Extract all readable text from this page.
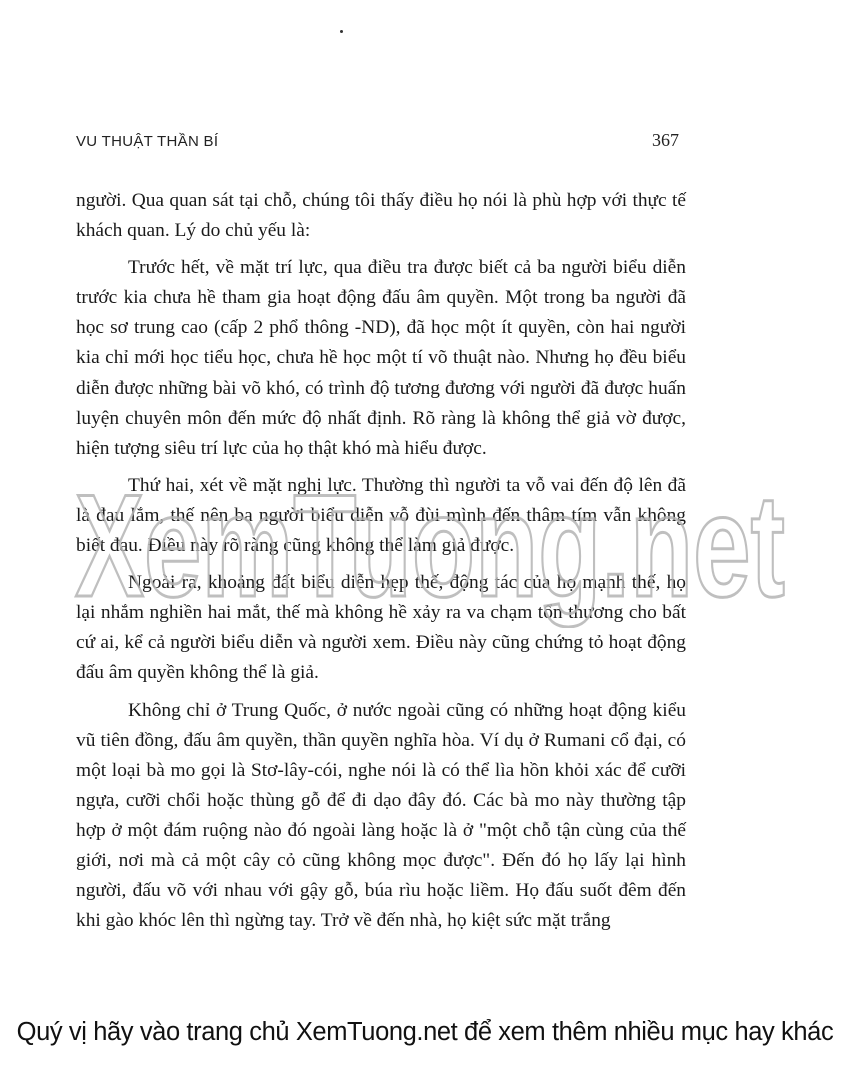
VU THUẬT THẦN BÍ	367

người. Qua quan sát tại chỗ, chúng tôi thấy điều họ nói là phù hợp với thực tế khách quan. Lý do chủ yếu là:

Trước hết, về mặt trí lực, qua điều tra được biết cả ba người biểu diễn trước kia chưa hề tham gia hoạt động đấu âm quyền. Một trong ba người đã học sơ trung cao (cấp 2 phổ thông -ND), đã học một ít quyền, còn hai người kia chỉ mới học tiểu học, chưa hề học một tí võ thuật nào. Nhưng họ đều biểu diễn được những bài võ khó, có trình độ tương đương với người đã được huấn luyện chuyên môn đến mức độ nhất định. Rõ ràng là không thể giả vờ được, hiện tượng siêu trí lực của họ thật khó mà hiểu được.

Thứ hai, xét về mặt nghị lực. Thường thì người ta vỗ vai đến độ lên đã là đau lắm, thế nên ba người biểu diễn vỗ đùi mình đến thâm tím vẫn không biết đau. Điều này rõ ràng cũng không thể làm giả được.

Ngoài ra, khoảng đất biểu diễn hẹp thế, động tác của họ mạnh thế, họ lại nhắm nghiền hai mắt, thế mà không hề xảy ra va chạm tổn thương cho bất cứ ai, kể cả người biểu diễn và người xem. Điều này cũng chứng tỏ hoạt động đấu âm quyền không thể là giả.

Không chỉ ở Trung Quốc, ở nước ngoài cũng có những hoạt động kiểu vũ tiên đồng, đấu âm quyền, thần quyền nghĩa hòa. Ví dụ ở Rumani cổ đại, có một loại bà mo gọi là Stơ-lây-cói, nghe nói là có thể lìa hồn khỏi xác để cưỡi ngựa, cưỡi chổi hoặc thùng gỗ để đi dạo đây đó. Các bà mo này thường tập hợp ở một đám ruộng nào đó ngoài làng hoặc là ở "một chỗ tận cùng của thế giới, nơi mà cả một cây cỏ cũng không mọc được". Đến đó họ lấy lại hình người, đấu võ với nhau với gậy gỗ, búa rìu hoặc liềm. Họ đấu suốt đêm đến khi gào khóc lên thì ngừng tay. Trở về đến nhà, họ kiệt sức mặt trắng

XemTuong.net
Quý vị hãy vào trang chủ XemTuong.net để xem thêm nhiều mục hay khác
